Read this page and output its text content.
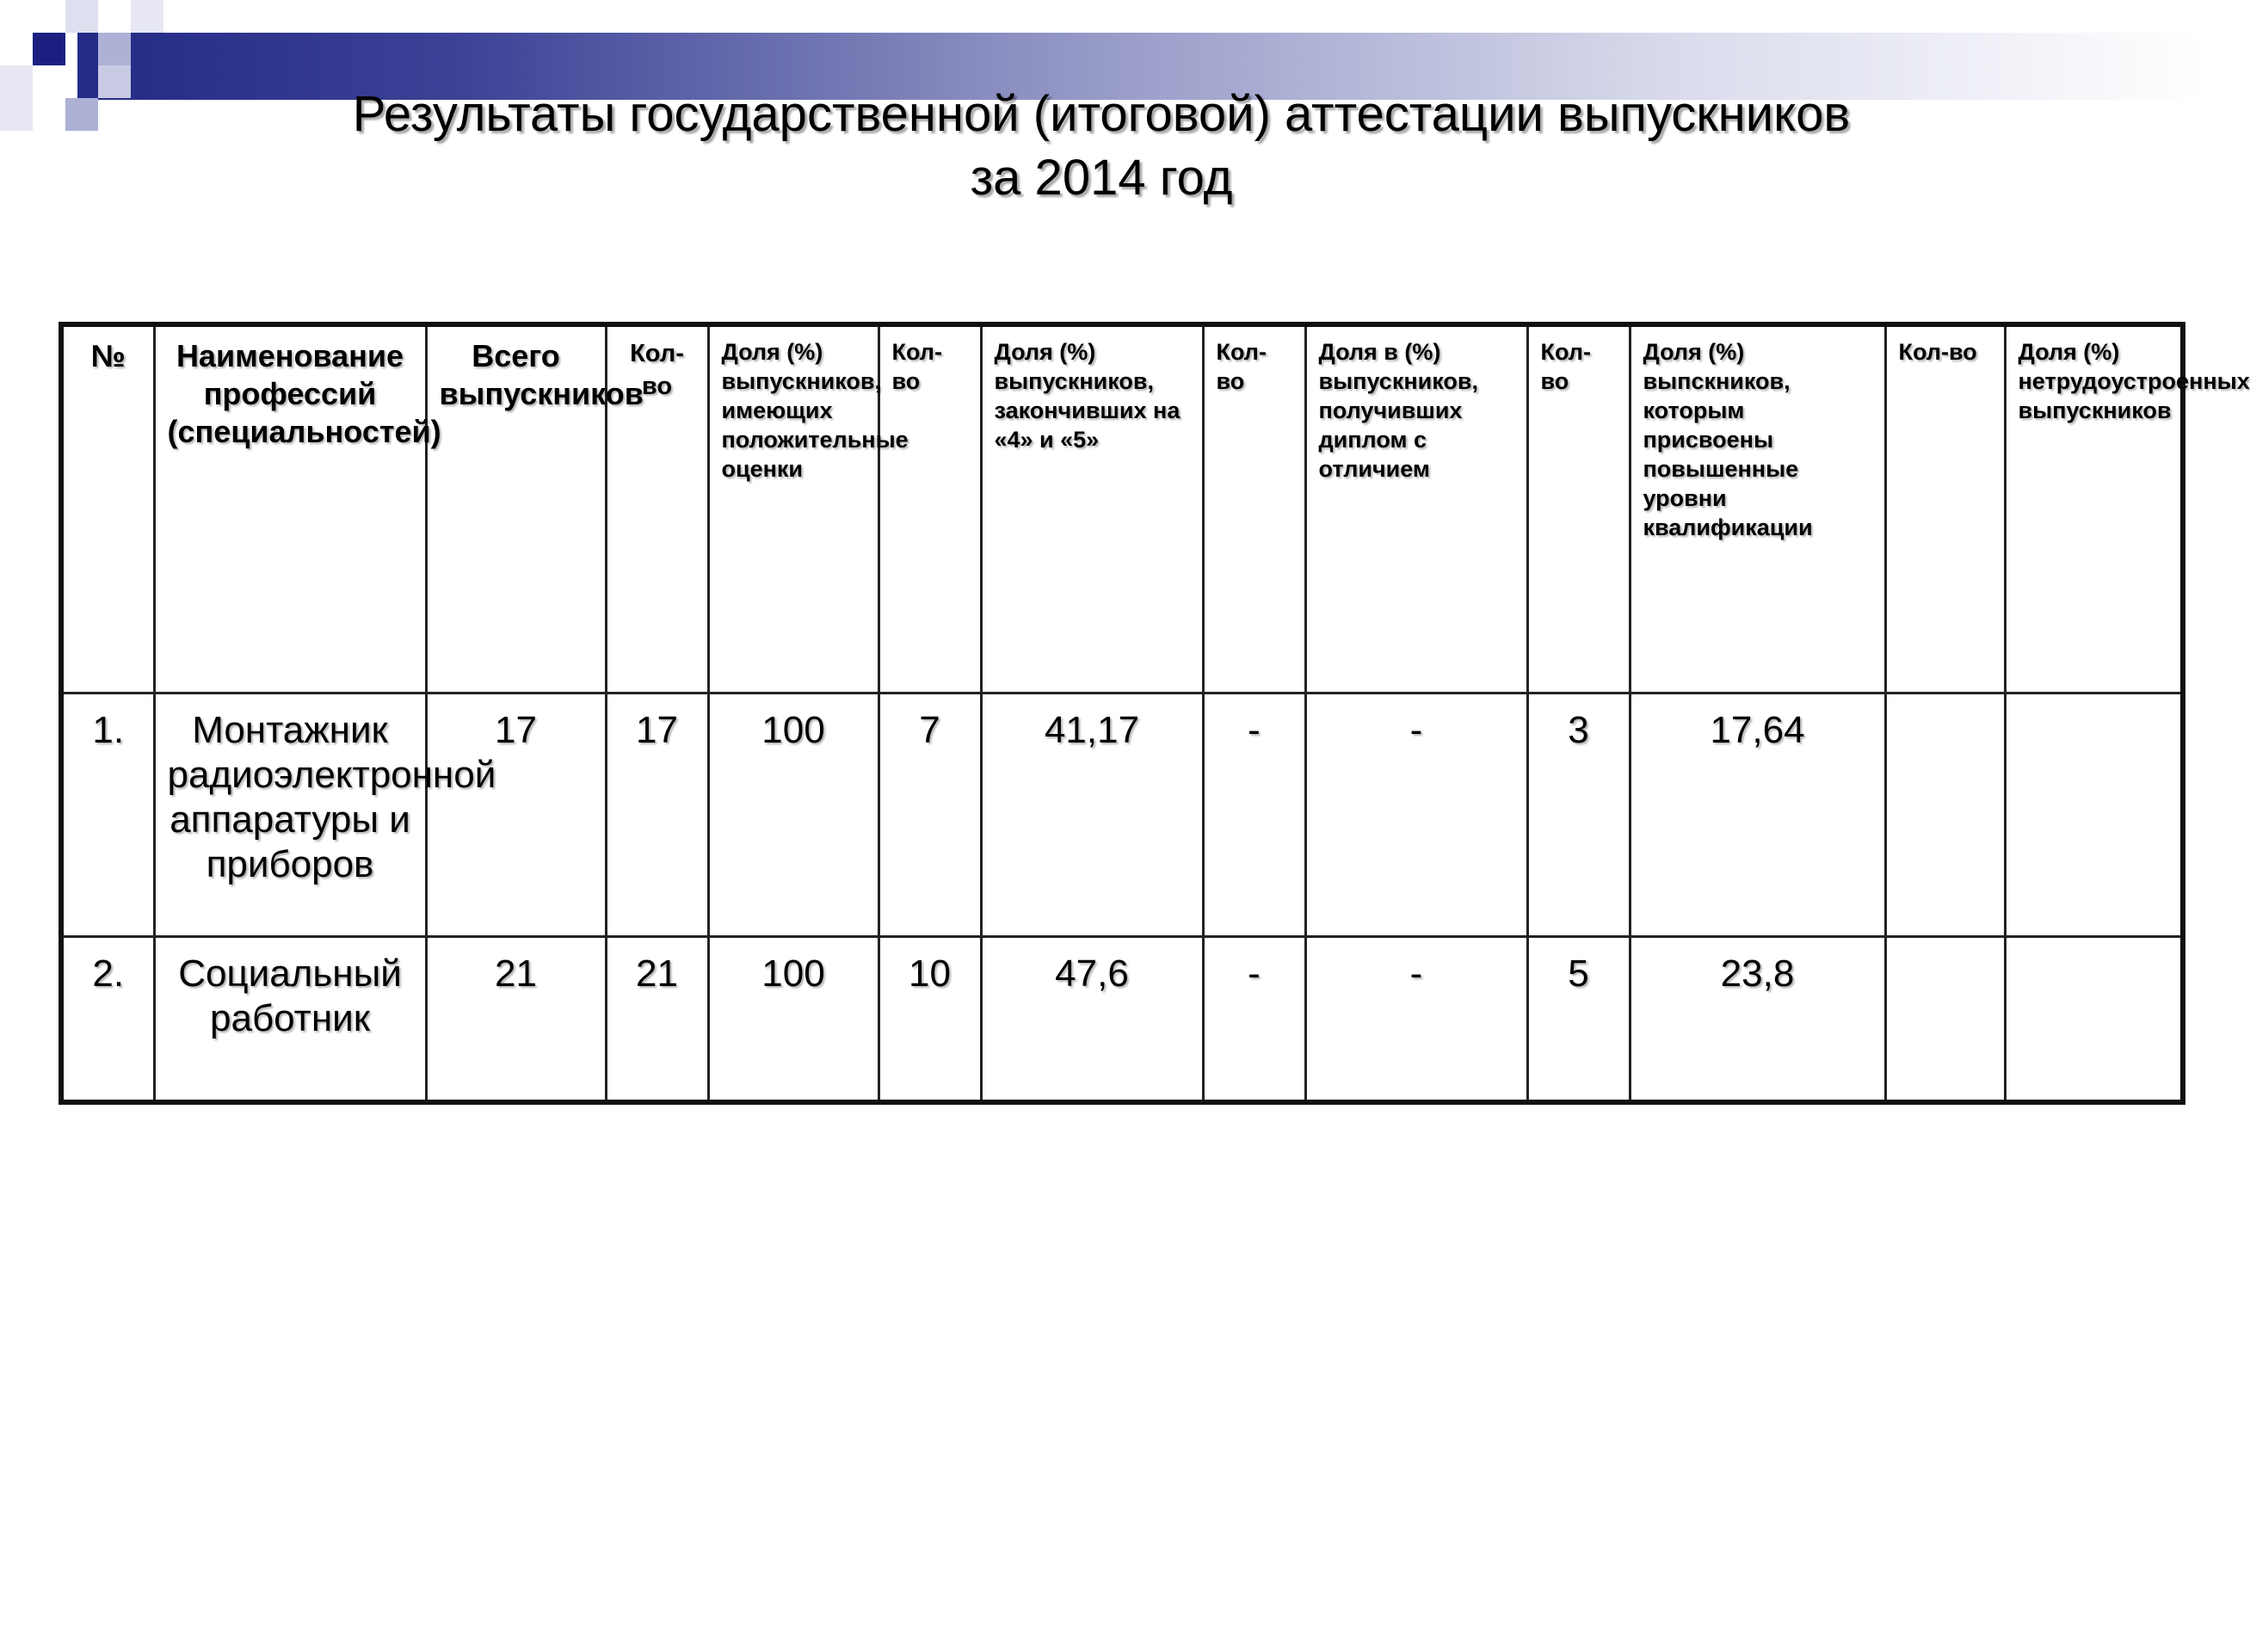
Результаты государственной (итоговой) аттестации выпускников
за 2014 год
№	Наименование профессий (специальностей)	Всего выпускников	Кол-во	Доля (%) выпускников, имеющих положительные оценки	Кол-во	Доля (%) выпускников, закончивших на «4» и «5»	Кол-во	Доля в (%) выпускников, получивших диплом с отличием	Кол-во	Доля (%) выпскников, которым присвоены повышенные уровни квалификации	Кол-во	Доля (%) нетрудоустроенных выпускников
1.	Монтажник радиоэлектронной аппаратуры и приборов	17	17	100	7	41,17	-	-	3	17,64		
2.	Социальный работник	21	21	100	10	47,6	-	-	5	23,8		
